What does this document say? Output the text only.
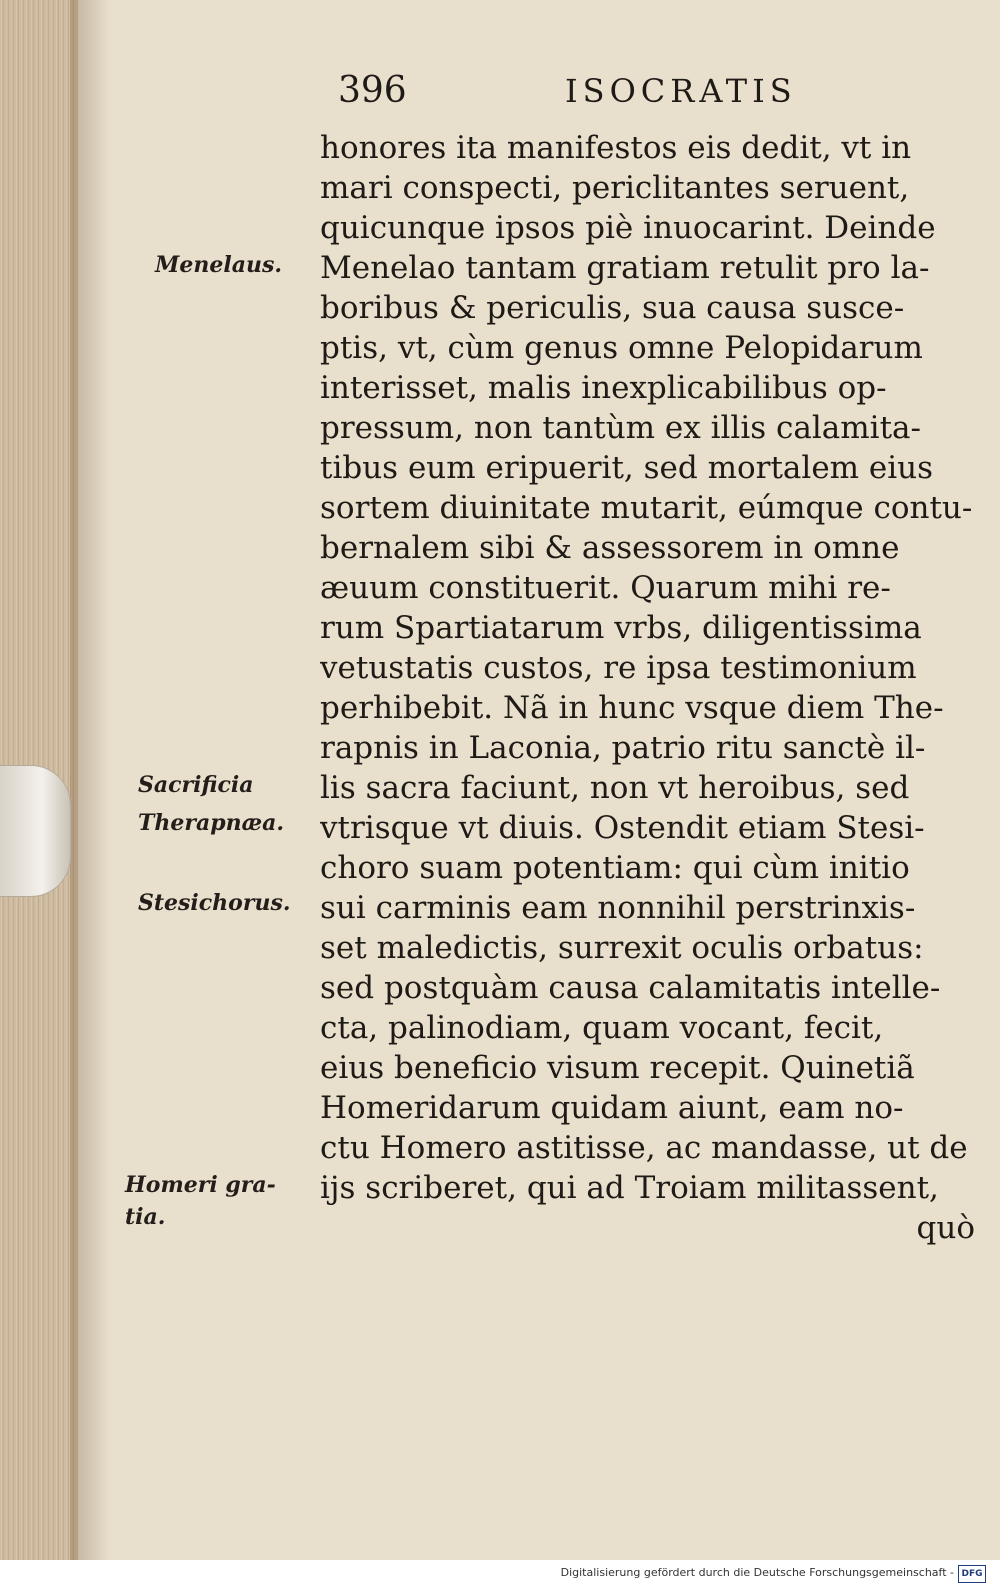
396	ISOCRATIS
honores ita manifestos eis dedit, vt in
mari conspecti, periclitantes seruent,
quicunque ipsos piè inuocarint. Deinde
Menelao tantam gratiam retulit pro la-
boribus & periculis, sua causa susce-
ptis, vt, cùm genus omne Pelopidarum
interisset, malis inexplicabilibus op-
pressum, non tantùm ex illis calamita-
tibus eum eripuerit, sed mortalem eius
sortem diuinitate mutarit, eúmque contu-
bernalem sibi & assessorem in omne
æuum constituerit. Quarum mihi re-
rum Spartiatarum vrbs, diligentissima
vetustatis custos, re ipsa testimonium
perhibebit. Nã in hunc vsque diem The-
rapnis in Laconia, patrio ritu sanctè il-
lis sacra faciunt, non vt heroibus, sed
vtrisque vt diuis. Ostendit etiam Stesi-
choro suam potentiam: qui cùm initio
sui carminis eam nonnihil perstrinxis-
set maledictis, surrexit oculis orbatus:
sed postquàm causa calamitatis intelle-
cta, palinodiam, quam vocant, fecit,
eius beneficio visum recepit. Quinetiã
Homeridarum quidam aiunt, eam no-
ctu Homero astitisse, ac mandasse, ut de
ijs scriberet, qui ad Troiam militassent,
quò
Menelaus.
Sacrificia
Therapnæa.
Stesichorus.
Homeri gra-
tia.
Digitalisierung gefördert durch die Deutsche Forschungsgemeinschaft - DFG
